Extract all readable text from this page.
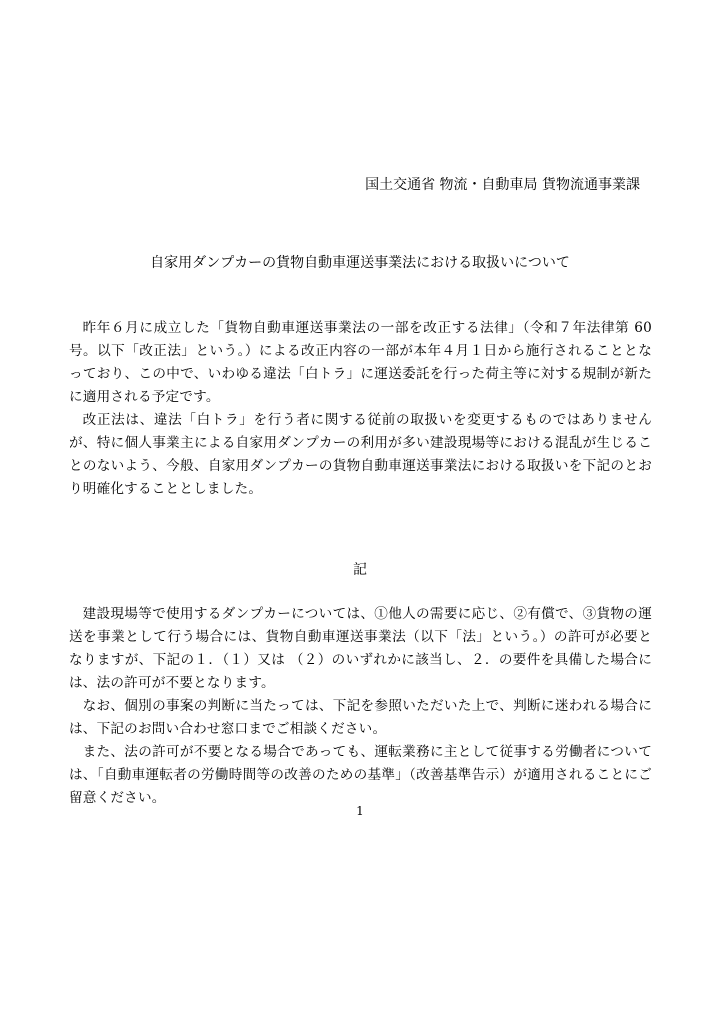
国土交通省 物流・自動車局 貨物流通事業課
自家用ダンプカーの貨物自動車運送事業法における取扱いについて

昨年６月に成立した「貨物自動車運送事業法の一部を改正する法律」（令和７年法律第 60 号。以下「改正法」という。）による改正内容の一部が本年４月１日から施行されることとなっており、この中で、いわゆる違法「白トラ」に運送委託を行った荷主等に対する規制が新たに適用される予定です。

改正法は、違法「白トラ」を行う者に関する従前の取扱いを変更するものではありませんが、特に個人事業主による自家用ダンプカーの利用が多い建設現場等における混乱が生じることのないよう、今般、自家用ダンプカーの貨物自動車運送事業法における取扱いを下記のとおり明確化することとしました。

記

建設現場等で使用するダンプカーについては、①他人の需要に応じ、②有償で、③貨物の運送を事業として行う場合には、貨物自動車運送事業法（以下「法」という。）の許可が必要となりますが、下記の１．（１）又は （２）のいずれかに該当し、２．の要件を具備した場合には、法の許可が不要となります。

なお、個別の事案の判断に当たっては、下記を参照いただいた上で、判断に迷われる場合には、下記のお問い合わせ窓口までご相談ください。

また、法の許可が不要となる場合であっても、運転業務に主として従事する労働者については、「自動車運転者の労働時間等の改善のための基準」（改善基準告示）が適用されることにご留意ください。

1
